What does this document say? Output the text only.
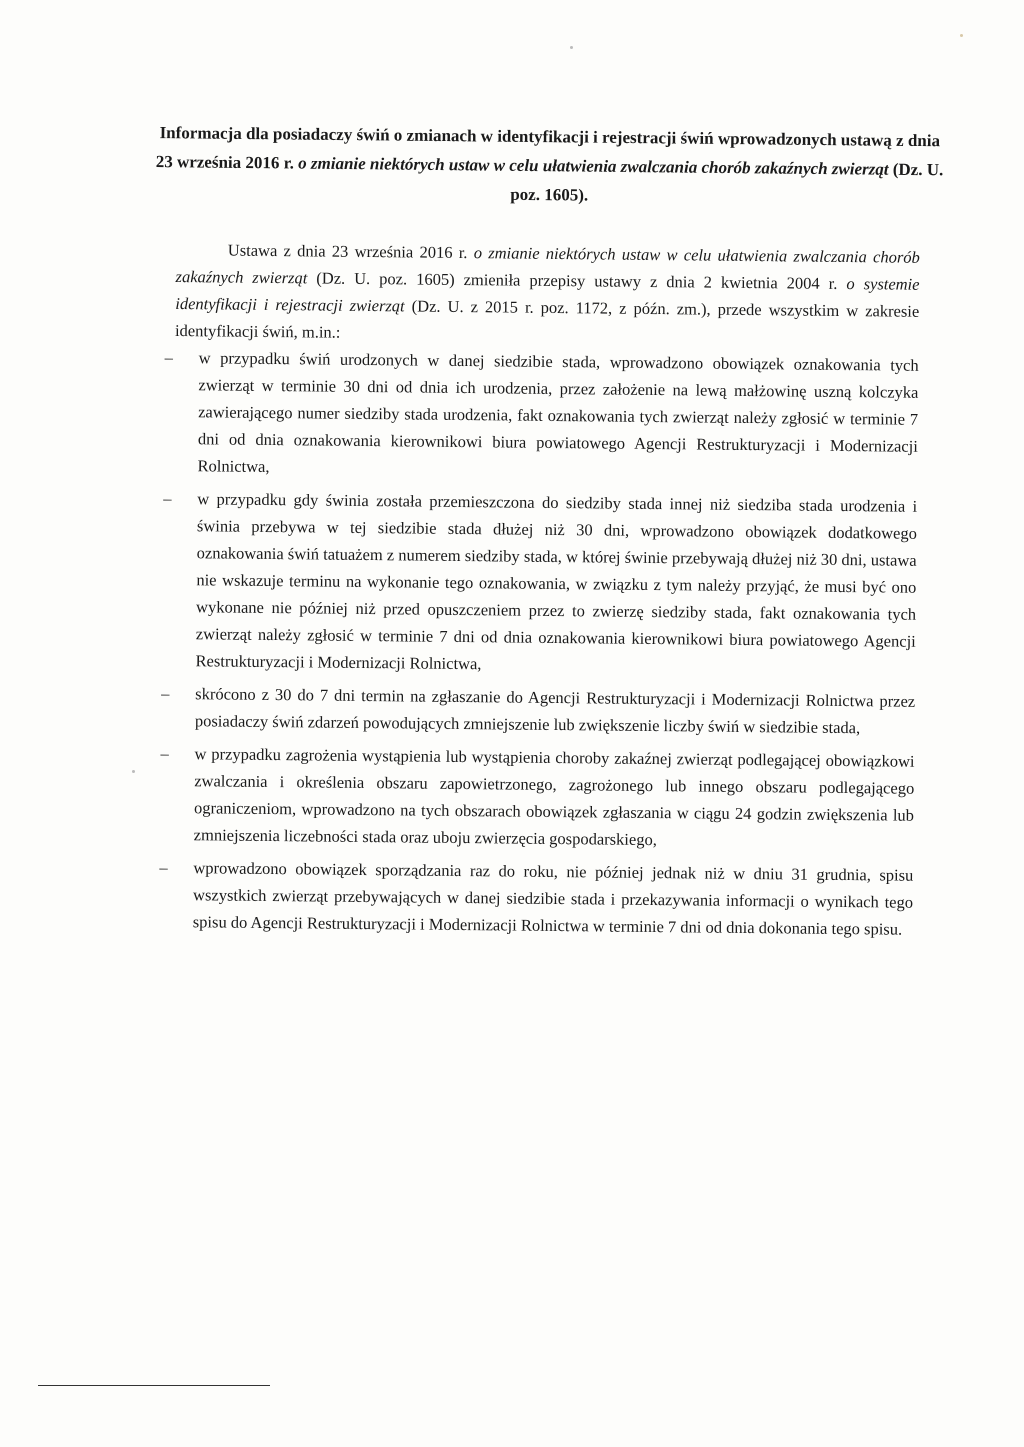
Informacja dla posiadaczy świń o zmianach w identyfikacji i rejestracji świń wprowadzonych ustawą z dnia 23 września 2016 r. o zmianie niektórych ustaw w celu ułatwienia zwalczania chorób zakaźnych zwierząt (Dz. U. poz. 1605).

Ustawa z dnia 23 września 2016 r. o zmianie niektórych ustaw w celu ułatwienia zwalczania chorób zakaźnych zwierząt (Dz. U. poz. 1605) zmieniła przepisy ustawy z dnia 2 kwietnia 2004 r. o systemie identyfikacji i rejestracji zwierząt (Dz. U. z 2015 r. poz. 1172, z późn. zm.), przede wszystkim w zakresie identyfikacji świń, m.in.:

– w przypadku świń urodzonych w danej siedzibie stada, wprowadzono obowiązek oznakowania tych zwierząt w terminie 30 dni od dnia ich urodzenia, przez założenie na lewą małżowinę uszną kolczyka zawierającego numer siedziby stada urodzenia, fakt oznakowania tych zwierząt należy zgłosić w terminie 7 dni od dnia oznakowania kierownikowi biura powiatowego Agencji Restrukturyzacji i Modernizacji Rolnictwa,
– w przypadku gdy świnia została przemieszczona do siedziby stada innej niż siedziba stada urodzenia i świnia przebywa w tej siedzibie stada dłużej niż 30 dni, wprowadzono obowiązek dodatkowego oznakowania świń tatuażem z numerem siedziby stada, w której świnie przebywają dłużej niż 30 dni, ustawa nie wskazuje terminu na wykonanie tego oznakowania, w związku z tym należy przyjąć, że musi być ono wykonane nie później niż przed opuszczeniem przez to zwierzę siedziby stada, fakt oznakowania tych zwierząt należy zgłosić w terminie 7 dni od dnia oznakowania kierownikowi biura powiatowego Agencji Restrukturyzacji i Modernizacji Rolnictwa,
– skrócono z 30 do 7 dni termin na zgłaszanie do Agencji Restrukturyzacji i Modernizacji Rolnictwa przez posiadaczy świń zdarzeń powodujących zmniejszenie lub zwiększenie liczby świń w siedzibie stada,
– w przypadku zagrożenia wystąpienia lub wystąpienia choroby zakaźnej zwierząt podlegającej obowiązkowi zwalczania i określenia obszaru zapowietrzonego, zagrożonego lub innego obszaru podlegającego ograniczeniom, wprowadzono na tych obszarach obowiązek zgłaszania w ciągu 24 godzin zwiększenia lub zmniejszenia liczebności stada oraz uboju zwierzęcia gospodarskiego,
– wprowadzono obowiązek sporządzania raz do roku, nie później jednak niż w dniu 31 grudnia, spisu wszystkich zwierząt przebywających w danej siedzibie stada i przekazywania informacji o wynikach tego spisu do Agencji Restrukturyzacji i Modernizacji Rolnictwa w terminie 7 dni od dnia dokonania tego spisu.
